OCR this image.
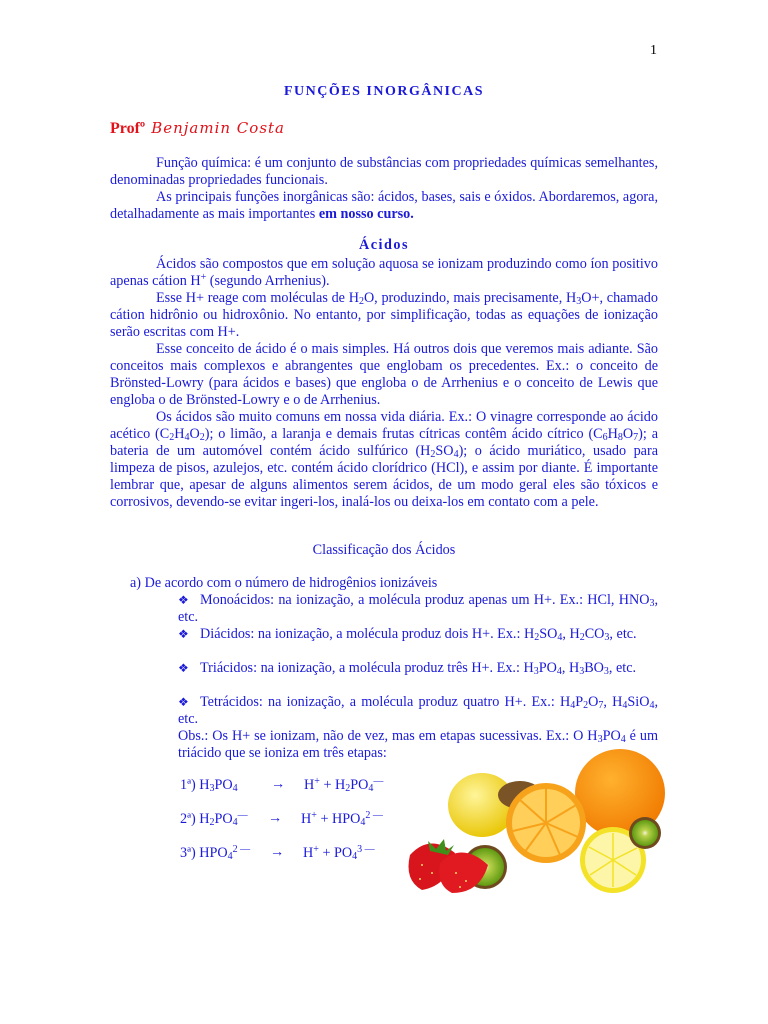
1
FUNÇÕES INORGÂNICAS
Profº Benjamin Costa

Função química: é um conjunto de substâncias com propriedades químicas semelhantes, denominadas propriedades funcionais.

As principais funções inorgânicas são: ácidos, bases, sais e óxidos. Abordaremos, agora, detalhadamente as mais importantes em nosso curso.

Ácidos

Ácidos são compostos que em solução aquosa se ionizam produzindo como íon positivo apenas cátion H+ (segundo Arrhenius).

Esse H+ reage com moléculas de $H_2O$, produzindo, mais precisamente, $H_3O+$, chamado cátion hidrônio ou hidroxônio. No entanto, por simplificação, todas as equações de ionização serão escritas com H+.

Esse conceito de ácido é o mais simples. Há outros dois que veremos mais adiante. São conceitos mais complexos e abrangentes que englobam os precedentes. Ex.: o conceito de Brönsted-Lowry (para ácidos e bases) que engloba o de Arrhenius e o conceito de Lewis que engloba o de Brönsted-Lowry e o de Arrhenius.

Os ácidos são muito comuns em nossa vida diária. Ex.: O vinagre corresponde ao ácido acético $(C_2H_4O_2)$; o limão, a laranja e demais frutas cítricas contêm ácido cítrico $(C_6H_8O_7)$; a bateria de um automóvel contém ácido sulfúrico $(H_2SO_4)$; o ácido muriático, usado para limpeza de pisos, azulejos, etc. contém ácido clorídrico (HCl), e assim por diante. É importante lembrar que, apesar de alguns alimentos serem ácidos, de um modo geral eles são tóxicos e corrosivos, devendo-se evitar ingeri-los, inalá-los ou deixa-los em contato com a pele.

Classificação dos Ácidos
a) De acordo com o número de hidrogênios ionizáveis
❖ Monoácidos: na ionização, a molécula produz apenas um H+. Ex.: HCl, $HNO_3$, etc.
❖ Diácidos: na ionização, a molécula produz dois H+. Ex.: $H_2SO_4$, $H_2CO_3$, etc.
❖ Triácidos: na ionização, a molécula produz três H+. Ex.: $H_3PO_4$, $H_3BO_3$, etc.
❖ Tetrácidos: na ionização, a molécula produz quatro H+. Ex.: $H_4P_2O_7$, $H_4SiO_4$, etc.
Obs.: Os H+ se ionizam, não de vez, mas em etapas sucessivas. Ex.: O $H_3PO_4$ é um triácido que se ioniza em três etapas:
1ª) $H_3PO_4 \to H^+ + H_2PO_4^—$
2ª) $H_2PO_4^— \to H^+ + HPO_4^2$ —
3ª) $HPO_4^2$ $^— \to H^+ + PO_4^3$ —
